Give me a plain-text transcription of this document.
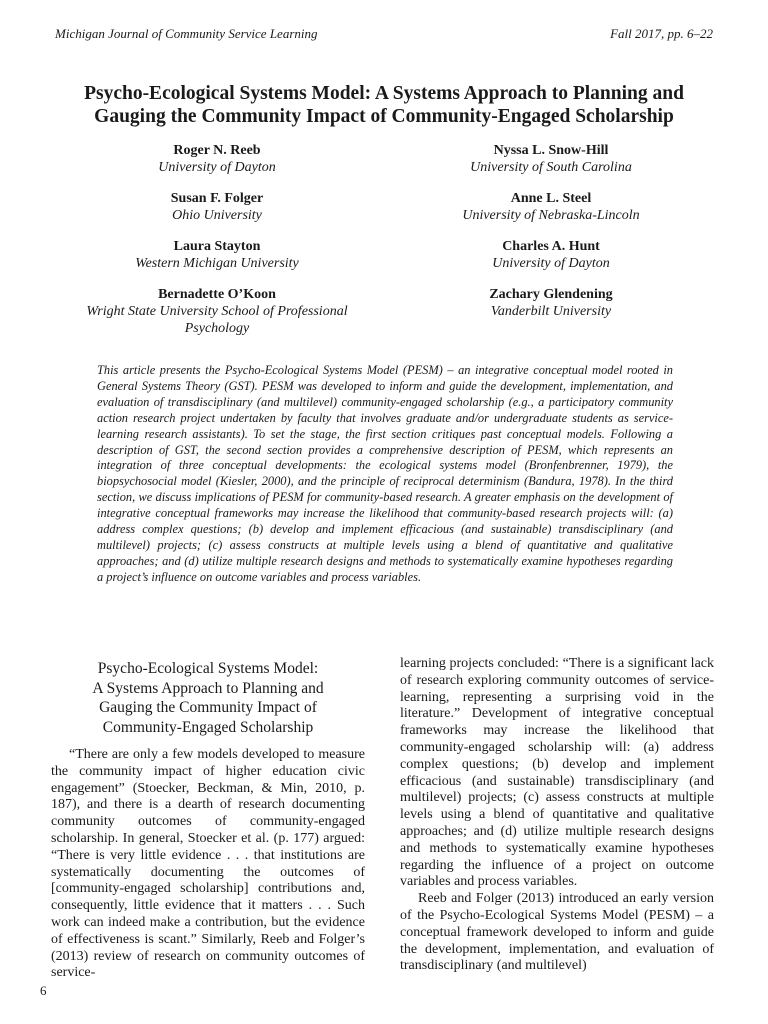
Michigan Journal of Community Service Learning	Fall 2017, pp. 6–22
Psycho-Ecological Systems Model: A Systems Approach to Planning and
Gauging the Community Impact of Community-Engaged Scholarship
Roger N. Reeb
University of Dayton
Nyssa L. Snow-Hill
University of South Carolina
Susan F. Folger
Ohio University
Anne L. Steel
University of Nebraska-Lincoln
Laura Stayton
Western Michigan University
Charles A. Hunt
University of Dayton
Bernadette O’Koon
Wright State University School of Professional Psychology
Zachary Glendening
Vanderbilt University

This article presents the Psycho-Ecological Systems Model (PESM) – an integrative conceptual model rooted in General Systems Theory (GST). PESM was developed to inform and guide the development, implementation, and evaluation of transdisciplinary (and multilevel) community-engaged scholarship (e.g., a participatory community action research project undertaken by faculty that involves graduate and/or undergraduate students as service-learning research assistants). To set the stage, the first section critiques past conceptual models. Following a description of GST, the second section provides a comprehensive description of PESM, which represents an integration of three conceptual developments: the ecological systems model (Bronfenbrenner, 1979), the biopsychosocial model (Kiesler, 2000), and the principle of reciprocal determinism (Bandura, 1978). In the third section, we discuss implications of PESM for community-based research. A greater emphasis on the development of integrative conceptual frameworks may increase the likelihood that community-based research projects will: (a) address complex questions; (b) develop and implement efficacious (and sustainable) transdisciplinary (and multilevel) projects; (c) assess constructs at multiple levels using a blend of quantitative and qualitative approaches; and (d) utilize multiple research designs and methods to systematically examine hypotheses regarding a project’s influence on outcome variables and process variables.

Psycho-Ecological Systems Model:
A Systems Approach to Planning and
Gauging the Community Impact of
Community-Engaged Scholarship

“There are only a few models developed to measure the community impact of higher education civic engagement” (Stoecker, Beckman, & Min, 2010, p. 187), and there is a dearth of research documenting community outcomes of community-engaged scholarship. In general, Stoecker et al. (p. 177) argued: “There is very little evidence . . . that institutions are systematically documenting the outcomes of [community-engaged scholarship] contributions and, consequently, little evidence that it matters . . . Such work can indeed make a contribution, but the evidence of effectiveness is scant.” Similarly, Reeb and Folger’s (2013) review of research on community outcomes of service-

learning projects concluded: “There is a significant lack of research exploring community outcomes of service-learning, representing a surprising void in the literature.” Development of integrative conceptual frameworks may increase the likelihood that community-engaged scholarship will: (a) address complex questions; (b) develop and implement efficacious (and sustainable) transdisciplinary (and multilevel) projects; (c) assess constructs at multiple levels using a blend of quantitative and qualitative approaches; and (d) utilize multiple research designs and methods to systematically examine hypotheses regarding the influence of a project on outcome variables and process variables.

Reeb and Folger (2013) introduced an early version of the Psycho-Ecological Systems Model (PESM) – a conceptual framework developed to inform and guide the development, implementation, and evaluation of transdisciplinary (and multilevel)

6
